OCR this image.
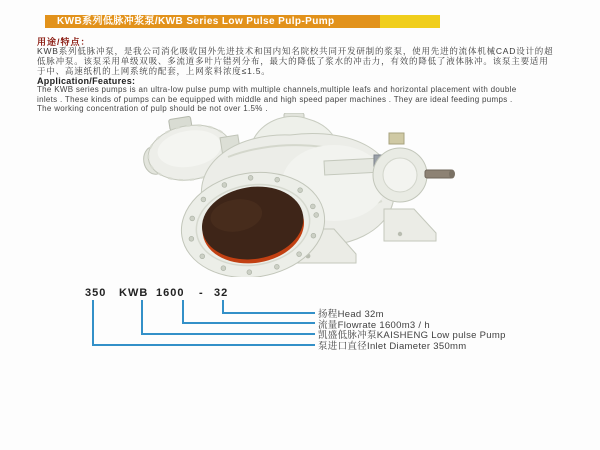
KWB系列低脉冲浆泵/KWB Series Low Pulse Pulp-Pump
用途/特点：
KWB系列低脉冲泵，是我公司消化吸收国外先进技术和国内知名院校共同开发研制的浆泵，使用先进的流体机械CAD设计的超
低脉冲泵。该泵采用单级双吸、多流道多叶片错列分布，最大的降低了浆水的冲击力，有效的降低了液体脉冲。该泵主要适用
于中、高速纸机的上网系统的配套，上网浆料浓度≤1.5。
Application/Features:
The KWB series pumps is an ultra-low pulse pump with multiple channels,multiple leafs and horizontal placement with double
inlets . These kinds of pumps can be equipped with middle and high speed paper machines . They are ideal feeding pumps .
The working concentration of pulp should be not over 1.5% .
350 KWB 1600 - 32
扬程Head 32m
流量Flowrate 1600m3 / h
凯盛低脉冲泵KAISHENG Low pulse Pump
泵进口直径Inlet Diameter 350mm
